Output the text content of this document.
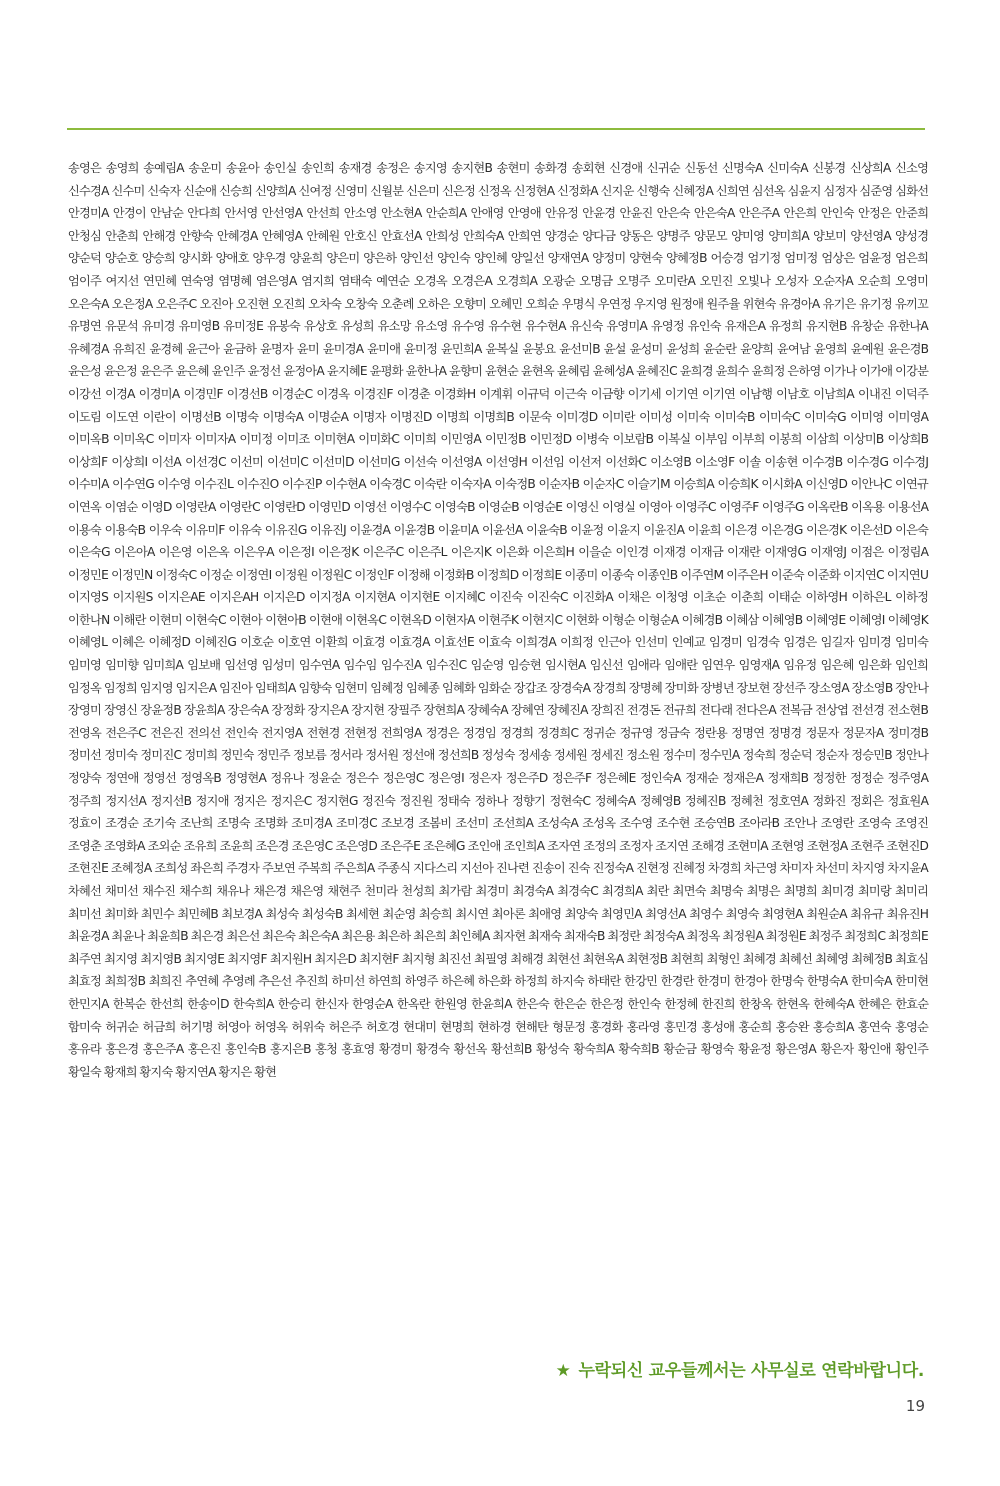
송영은 송영희 송예림A 송운미 송윤아 송인실 송인희 송재경 송정은 송지영 송지현B 송현미 송화경 송회현 신경애 신귀순 신동선 신명숙A 신미숙A 신봉경 신상희A 신소영 신수경A 신수미 신숙자 신순애 신승희 신양희A 신여정 신영미 신월분 신은미 신은정 신정옥 신정현A 신정화A 신지운 신행숙 신혜정A 신희연 심선옥 심윤지 심정자 심준영 심화선 안경미A 안경이 안남순 안다희 안서영 안선영A 안선희 안소영 안소현A 안순희A 안애영 안영애 안유정 안윤경 안윤진 안은숙 안은숙A 안은주A 안은희 안인숙 안정은 안준희 안청심 안춘희 안해경 안향숙 안혜경A 안혜영A 안혜원 안호신 안효선A 안희성 안희숙A 안희연 양경순 양다금 양동은 양명주 양문모 양미영 양미희A 양보미 양선영A 양성경 양순덕 양순호 양승희 양시화 양애호 양우경 양윤희 양은미 양은하 양인선 양인숙 양인혜 양일선 양재연A 양정미 양현숙 양혜정B 어승경 엄기정 엄미정 엄상은 엄윤정 엄은희 엄이주 여지선 연민혜 연숙영 염명혜 염은영A 염지희 염태숙 예연순 오경옥 오경은A 오경희A 오광순 오명금 오명주 오미란A 오민진 오빛나 오성자 오순자A 오순희 오영미 오은숙A 오은정A 오은주C 오진아 오진현 오진희 오차숙 오창숙 오춘례 오하은 오향미 오혜민 오희순 우명식 우연정 우지영 원정애 원주율 위현숙 유경아A 유기은 유기정 유끼꼬 유명연 유문석 유미경 유미영B 유미정E 유봉숙 유상호 유성희 유소망 유소영 유수영 유수현 유수현A 유신숙 유영미A 유영정 유인숙 유재은A 유정희 유지현B 유창순 유한나A 유혜경A 유희진 윤경혜 윤근아 윤금하 윤명자 윤미 윤미경A 윤미애 윤미정 윤민희A 윤복실 윤봉요 윤선미B 윤설 윤성미 윤성희 윤순란 윤양희 윤여남 윤영희 윤예원 윤은경B 윤은성 윤은정 윤은주 윤은혜 윤인주 윤정선 윤정아A 윤지혜E 윤평화 윤한나A 윤향미 윤현순 윤현옥 윤혜림 윤혜성A 윤혜진C 윤희경 윤희수 윤희정 은하영 이가나 이가애 이강분 이강선 이경A 이경미A 이경민F 이경선B 이경순C 이경옥 이경진F 이경춘 이경화H 이계휘 이규덕 이근숙 이금향 이기세 이기연 이기연 이남행 이남호 이남희A 이내진 이덕주 이도림 이도연 이란이 이명선B 이명숙 이명숙A 이명순A 이명자 이명진D 이명희 이명희B 이문숙 이미경D 이미란 이미성 이미숙 이미숙B 이미숙C 이미숙G 이미영 이미영A 이미옥B 이미옥C 이미자 이미자A 이미정 이미조 이미현A 이미화C 이미희 이민영A 이민정B 이민정D 이병숙 이보람B 이복실 이부임 이부희 이봉희 이삼희 이상미B 이상희B 이상희F 이상희I 이선A 이선경C 이선미 이선미C 이선미D 이선미G 이선숙 이선영A 이선영H 이선임 이선저 이선화C 이소영B 이소영F 이솔 이송현 이수경B 이수경G 이수경J 이수미A 이수연G 이수영 이수진L 이수진O 이수진P 이수현A 이숙경C 이숙란 이숙자A 이숙정B 이순자B 이순자C 이슬기M 이승희A 이승희K 이시화A 이신영D 이안나C 이연규 이연옥 이염순 이영D 이영란A 이영란C 이영란D 이영민D 이영선 이영수C 이영숙B 이영순B 이영순E 이영신 이영실 이영아 이영주C 이영주F 이영주G 이옥란B 이옥용 이용선A 이용숙 이용숙B 이우숙 이유미F 이유숙 이유진G 이유진J 이윤경A 이윤경B 이윤미A 이윤선A 이윤숙B 이윤정 이윤지 이윤진A 이윤희 이은경 이은경G 이은경K 이은선D 이은숙 이은숙G 이은아A 이은영 이은옥 이은우A 이은정I 이은정K 이은주C 이은주L 이은지K 이은화 이은희H 이을순 이인경 이재경 이재금 이재란 이재영G 이재영J 이점은 이정림A 이정민E 이정민N 이정숙C 이정순 이정연I 이정원 이정원C 이정인F 이정해 이정화B 이정희D 이정희E 이종미 이종숙 이종인B 이주연M 이주은H 이준숙 이준화 이지연C 이지연U 이지영S 이지원S 이지은AE 이지은AH 이지은D 이지정A 이지현A 이지현E 이지혜C 이진숙 이진숙C 이진화A 이채은 이청영 이초순 이춘희 이태순 이하영H 이하은L 이하정 이한나N 이해란 이현미 이현숙C 이현아 이현아B 이현애 이현옥C 이현옥D 이현자A 이현주K 이현지C 이현화 이형순 이형순A 이혜경B 이혜삼 이혜영B 이혜영E 이혜영I 이혜영K 이혜영L 이혜은 이혜정D 이혜진G 이호순 이호연 이환희 이효경 이효경A 이효선E 이효숙 이희경A 이희정 인근아 인선미 인예교 임경미 임경숙 임경은 임길자 임미경 임미숙 임미영 임미향 임미희A 임보배 임선영 임성미 임수연A 임수임 임수진A 임수진C 임순영 임승현 임시현A 임신선 임애라 임애란 임연우 임영재A 임유정 임은혜 임은화 임인희 임정옥 임정희 임지영 임지은A 임진아 임태희A 임향숙 임현미 임혜정 임혜종 임혜화 임화순 장갑조 장경숙A 장경희 장명혜 장미화 장병년 장보현 장선주 장소영A 장소영B 장안나 장영미 장영신 장윤정B 장윤희A 장은숙A 장정화 장지은A 장지현 장필주 장현희A 장혜숙A 장혜연 장혜진A 장희진 전경돈 전규희 전다래 전다은A 전복금 전상엽 전선경 전소현B 전영옥 전은주C 전은진 전의선 전인숙 전지영A 전현경 전현정 전희영A 정경은 정경임 정경희 정경희C 정귀순 정규영 정금숙 정란용 정명연 정명경 정문자 정문자A 정미경B 정미선 정미숙 정미진C 정미희 정민숙 정민주 정보름 정서라 정서원 정선애 정선희B 정성숙 정세송 정세원 정세진 정소원 정수미 정수민A 정숙희 정순덕 정순자 정승민B 정안나 정양숙 정연애 정영선 정영옥B 정영현A 정유나 정윤순 정은수 정은영C 정은영I 정은자 정은주D 정은주F 정은혜E 정인숙A 정재순 정재은A 정재희B 정정한 정정순 정주영A 정주희 정지선A 정지선B 정지애 정지은 정지은C 정지현G 정진숙 정진원 정태숙 정하나 정향기 정현숙C 정혜숙A 정혜영B 정혜진B 정혜천 정호연A 정화진 정회은 정효원A 정효이 조경순 조기숙 조난희 조명숙 조명화 조미경A 조미경C 조보경 조봄비 조선미 조선희A 조성숙A 조성옥 조수영 조수현 조승연B 조아라B 조안나 조영란 조영숙 조영진 조영춘 조영화A 조외순 조유희 조윤희 조은경 조은영C 조은영D 조은주E 조은혜G 조인애 조인희A 조자연 조정의 조정자 조지연 조해경 조현미A 조현영 조현정A 조현주 조현진D 조현진E 조혜정A 조희성 좌은희 주경자 주보연 주복희 주은희A 주종식 지다스리 지선아 진나련 진송이 진숙 진정숙A 진현정 진혜정 차경희 차근영 차미자 차선미 차지영 차지윤A 차혜선 채미선 채수진 채수희 채유나 채은경 채은영 채현주 천미라 천성희 최가람 최경미 최경숙A 최경숙C 최경희A 최란 최면숙 최명숙 최명은 최명희 최미경 최미랑 최미리 최미선 최미화 최민수 최민혜B 최보경A 최성숙 최성숙B 최세현 최순영 최승희 최시연 최아론 최애영 최양숙 최영민A 최영선A 최영수 최영숙 최영현A 최원순A 최유규 최유진H 최윤경A 최윤나 최윤희B 최은경 최은선 최은숙 최은숙A 최은용 최은하 최은희 최인혜A 최자현 최재숙 최재숙B 최정란 최정숙A 최정옥 최정원A 최정원E 최정주 최정희C 최정희E 최주연 최지영 최지영B 최지영E 최지영F 최지원H 최지은D 최지현F 최지형 최진선 최필영 최해경 최현선 최현옥A 최현정B 최현희 최형인 최혜경 최혜선 최혜영 최혜정B 최효심 최효정 최희정B 최희진 추연혜 추영례 추은선 추진희 하미선 하연희 하영주 하은혜 하은화 하정희 하지숙 하태란 한강민 한경란 한경미 한경아 한명숙 한명숙A 한미숙A 한미현 한민지A 한복순 한선희 한송이D 한숙희A 한승리 한신자 한영순A 한옥란 한원영 한윤희A 한은숙 한은순 한은정 한인숙 한정혜 한진희 한창옥 한현옥 한혜숙A 한혜은 한효순 함미숙 허귀순 허금희 허기명 허영아 허영옥 허위숙 허은주 허호경 현대미 현명희 현하경 현해탄 형문정 홍경화 홍라영 홍민경 홍성애 홍순희 홍승완 홍승희A 홍연숙 홍영순 홍유라 홍은경 홍은주A 홍은진 홍인숙B 홍지은B 홍청 홍효영 황경미 황경숙 황선옥 황선희B 황성숙 황숙희A 황숙희B 황순금 황영숙 황윤정 황은영A 황은자 황인애 황인주 황일숙 황재희 황지숙 황지연A 황지은 황현
★ 누락되신 교우들께서는 사무실로 연락바랍니다.
19
